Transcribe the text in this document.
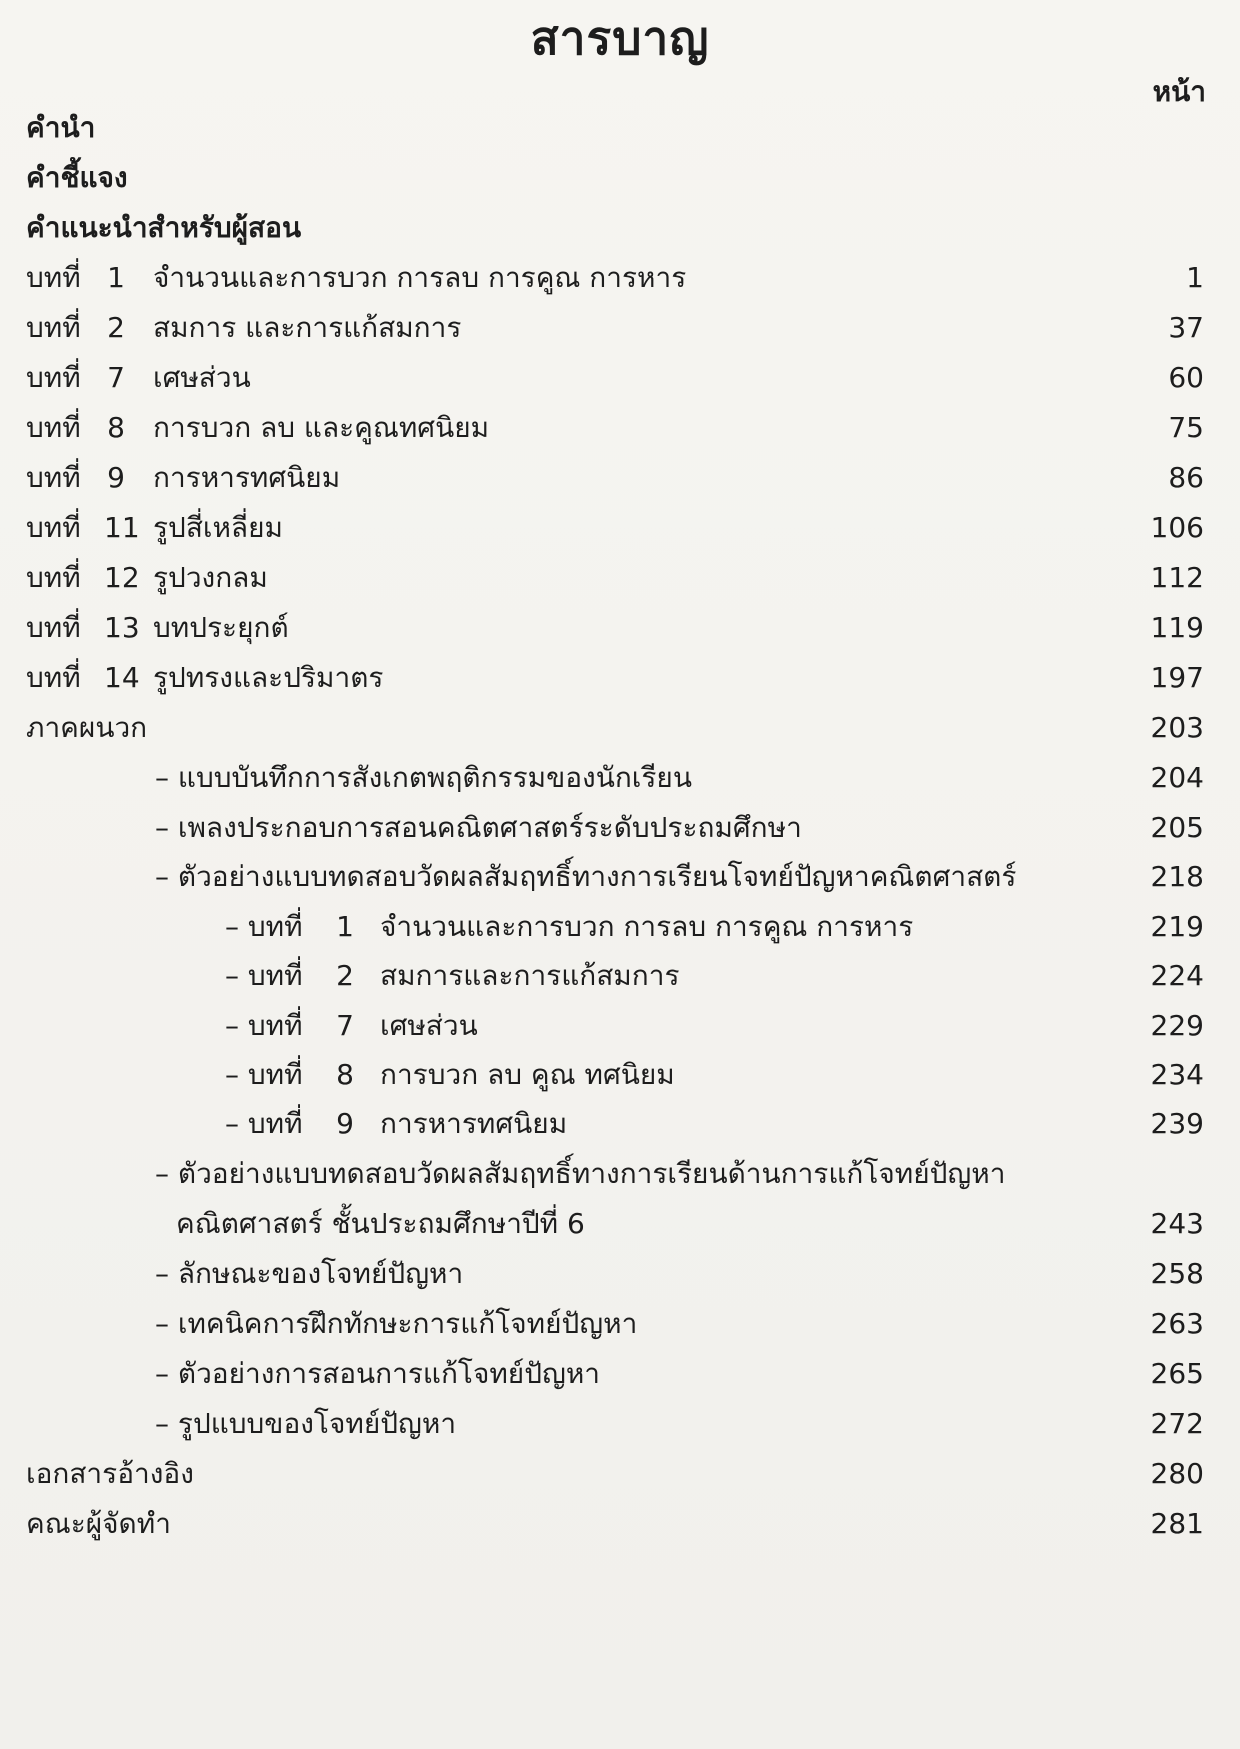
สารบาญ
หน้า
คำนำ
คำชี้แจง
คำแนะนำสำหรับผู้สอน
บทที่ 1 จำนวนและการบวก การลบ การคูณ การหาร	1
บทที่ 2 สมการ และการแก้สมการ	37
บทที่ 7 เศษส่วน	60
บทที่ 8 การบวก ลบ และคูณทศนิยม	75
บทที่ 9 การหารทศนิยม	86
บทที่ 11 รูปสี่เหลี่ยม	106
บทที่ 12 รูปวงกลม	112
บทที่ 13 บทประยุกต์	119
บทที่ 14 รูปทรงและปริมาตร	197
ภาคผนวก	203
– แบบบันทึกการสังเกตพฤติกรรมของนักเรียน	204
– เพลงประกอบการสอนคณิตศาสตร์ระดับประถมศึกษา	205
– ตัวอย่างแบบทดสอบวัดผลสัมฤทธิ์ทางการเรียนโจทย์ปัญหาคณิตศาสตร์	218
– บทที่ 1 จำนวนและการบวก การลบ การคูณ การหาร	219
– บทที่ 2 สมการและการแก้สมการ	224
– บทที่ 7 เศษส่วน	229
– บทที่ 8 การบวก ลบ คูณ ทศนิยม	234
– บทที่ 9 การหารทศนิยม	239
– ตัวอย่างแบบทดสอบวัดผลสัมฤทธิ์ทางการเรียนด้านการแก้โจทย์ปัญหา
คณิตศาสตร์ ชั้นประถมศึกษาปีที่ 6	243
– ลักษณะของโจทย์ปัญหา	258
– เทคนิคการฝึกทักษะการแก้โจทย์ปัญหา	263
– ตัวอย่างการสอนการแก้โจทย์ปัญหา	265
– รูปแบบของโจทย์ปัญหา	272
เอกสารอ้างอิง	280
คณะผู้จัดทำ	281
